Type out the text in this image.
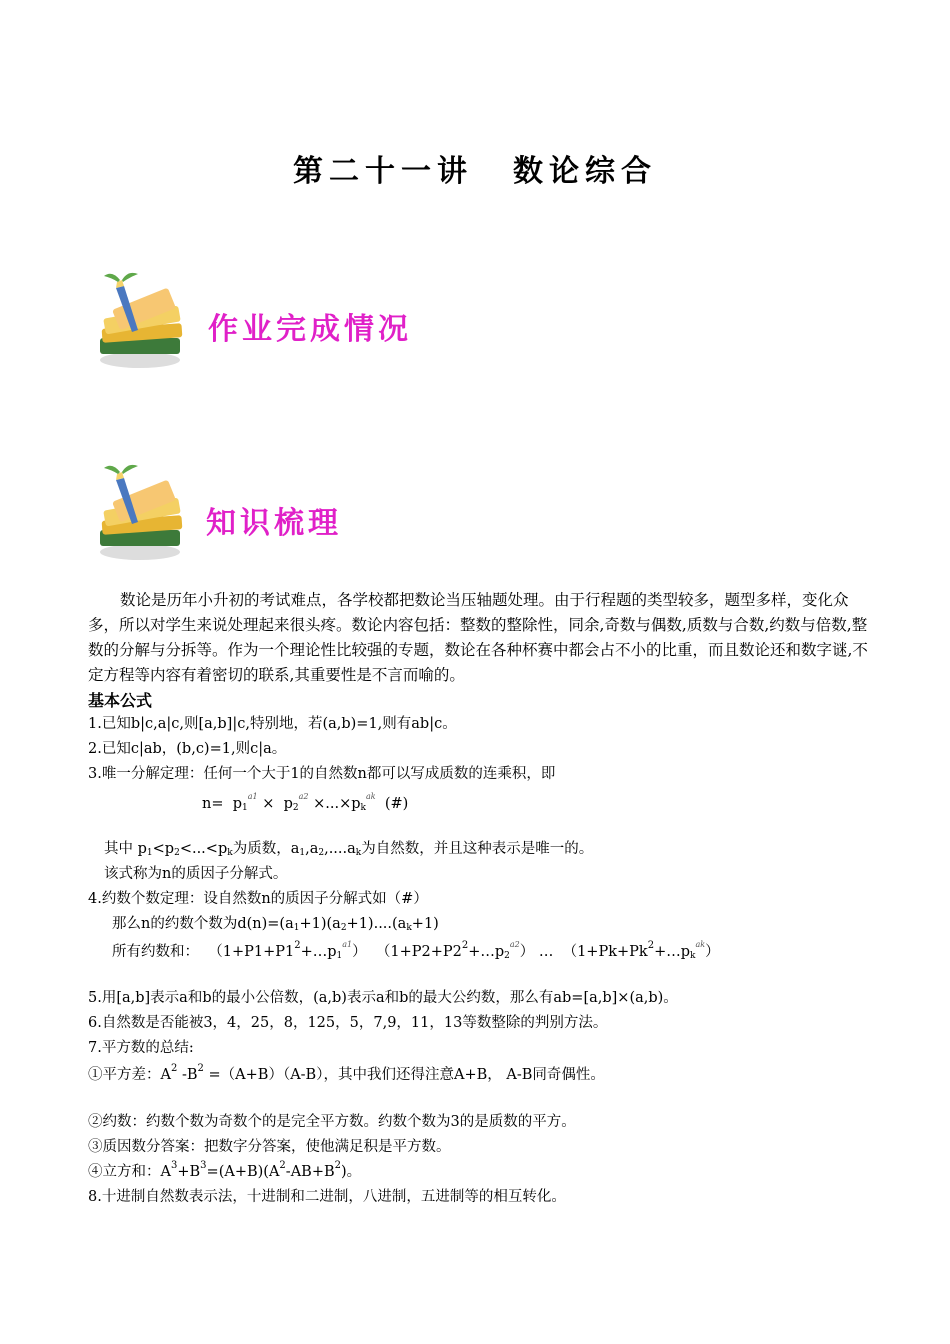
第二十一讲 数论综合
作业完成情况
知识梳理
数论是历年小升初的考试难点，各学校都把数论当压轴题处理。由于行程题的类型较多，题型多样，变化众多，所以对学生来说处理起来很头疼。数论内容包括：整数的整除性，同余,奇数与偶数,质数与合数,约数与倍数,整数的分解与分拆等。作为一个理论性比较强的专题，数论在各种杯赛中都会占不小的比重，而且数论还和数字谜,不定方程等内容有着密切的联系,其重要性是不言而喻的。
基本公式
1.已知b|c,a|c,则[a,b]|c,特别地，若(a,b)=1,则有ab|c。
2.已知c|ab，(b,c)=1,则c|a。
3.唯一分解定理：任何一个大于1的自然数n都可以写成质数的连乘积，即
$n= p_1^{a1} \times p_2^{a2} \times...\times p_k^{ak}$ (#)
其中 $p_1<p_2<...<p_k$为质数，$a_1,a_2,....a_k$为自然数，并且这种表示是唯一的。
该式称为n的质因子分解式。
4.约数个数定理：设自然数n的质因子分解式如（#）
那么n的约数个数为$d(n)=(a_1+1)(a_2+1)....(a_k+1)$
所有约数和： $(1+P1+P1^2+\dots p_1^{a1})$ $(1+P2+P2^2+\dots p_2^{a2})$ … $(1+Pk+Pk^2+\dots p_k^{ak})$
5.用[a,b]表示a和b的最小公倍数，(a,b)表示a和b的最大公约数，那么有ab=[a,b]×(a,b)。
6.自然数是否能被3，4，25，8，125，5，7,9，11，13等数整除的判别方法。
7.平方数的总结:
①平方差：$A^2$ $-B^2 =(A+B)(A-B)$，其中我们还得注意A+B， A-B同奇偶性。
②约数：约数个数为奇数个的是完全平方数。约数个数为3的是质数的平方。
③质因数分答案：把数字分答案，使他满足积是平方数。
④立方和：$A^3+B^3=(A+B)(A^2-AB+B^2)$。
8.十进制自然数表示法，十进制和二进制，八进制，五进制等的相互转化。
